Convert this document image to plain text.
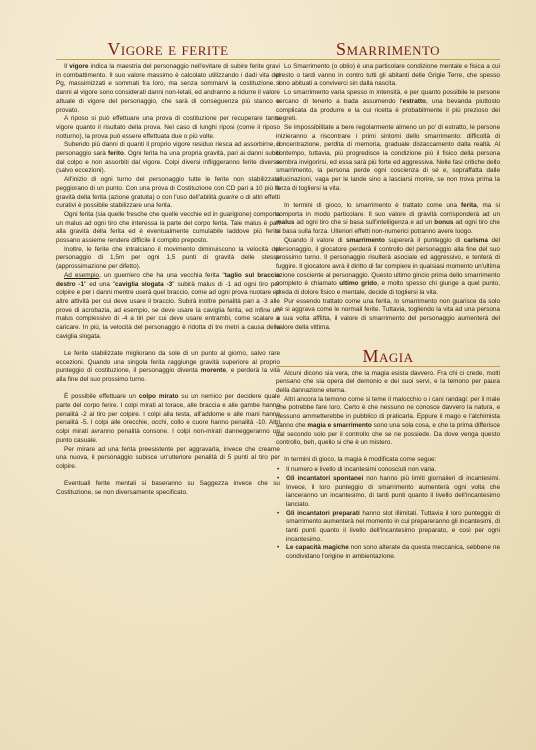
Vigore e ferite

Il vigore indica la maestria del personaggio nell'evitare di subire ferite gravi in combattimento. Il suo valore massimo è calcolato utilizzando i dadi vita del Pg, massimizzati e sommati fra loro, ma senza sommarvi la costituzione. I danni al vigore sono considerati danni non-letali, ed andranno a ridurre il valore attuale di vigore del personaggio, che sarà di conseguenza più stanco e provato.

A riposo si può effettuare una prova di costituzione per recuperare tanto vigore quanto il risultato della prova. Nel caso di lunghi riposi (come il riposo notturno), la prova può essere effettuata due o più volte.

Subendo più danni di quanti il proprio vigore residuo riesca ad assorbirne, il personaggio sarà ferito. Ogni ferita ha una propria gravità, pari ai danni subiti dal colpo e non assorbiti dal vigore. Colpi diversi infliggeranno ferite diverse (salvo eccezioni).

All'inizio di ogni turno del personaggio tutte le ferite non stabilizzate peggiorano di un punto. Con una prova di Costituzione con CD pari a 10 più la gravità della ferita (azione gratuita) o con l'uso dell'abilità guarire o di altri effetti curativi è possibile stabilizzare una ferita.

Ogni ferita (sia quelle fresche che quelle vecchie ed in guarigione) comporta un malus ad ogni tiro che interessa la parte del corpo ferita. Tale malus è pari alla gravità della ferita ed è eventualmente cumulabile laddove più ferite possano assieme rendere difficile il compito preposto.

Inoltre, le ferite che intralciano il movimento diminuiscono la velocità del personaggio di 1,5m per ogni 1,5 punti di gravità delle stesse (approssimazione per difetto).

Ad esempio, un guerriero che ha una vecchia ferita "taglio sul braccio destro -1" ed una "caviglia slogata -3" subirà malus di -1 ad ogni tiro per colpire e per i danni mentre userà quel braccio, come ad ogni prova nuotare ed altre attività per cui deve usare il braccio. Subirà inoltre penalità pari a -3 alle prove di acrobazia, ad esempio, se deve usare la caviglia ferita, ed infine un malus complessivo di -4 a tiri per cui deve usare entrambi, come scalare o caricare. In più, la velocità del personaggio è ridotta di tre metri a causa della caviglia slogata.

Le ferite stabilizzate migliorano da sole di un punto al giorno, salvo rare eccezioni. Quando una singola ferita raggiunge gravità superiore al proprio punteggio di costituzione, il personaggio diventa morente, e perderà la vita alla fine del suo prossimo turno.

È possibile effettuare un colpo mirato su un nemico per decidere quale parte del corpo ferire. I colpi mirati al torace, alle braccia e alle gambe hanno penalità -2 al tiro per colpire. I colpi alla testa, all'addome e alle mani hanno penalità -5. I colpi alle orecchie, occhi, collo e cuore hanno penalità -10. Altri colpi mirati avranno penalità consone. I colpi non-mirati danneggeranno un punto casuale.

Per mirare ad una ferita preesistente per aggravarla, invece che crearne una nuova, il personaggio subisce un'ulteriore penalità di 5 punti al tiro per colpire.

Eventuali ferite mentali si baseranno su Saggezza invece che su Costituzione, se non diversamente specificato.

Smarrimento

Lo Smarrimento (o oblio) è una particolare condizione mentale e fisica a cui presto o tardi vanno in contro tutti gli abitanti delle Grigie Terre, che spesso sono abituati a conviverci sin dalla nascita.

Lo smarrimento varia spesso in intensità, e per quanto possibile le persone cercano di tenerlo a bada assumendo l'estratto, una bevanda piuttosto complicata da produrre e la cui ricetta è probabilmente il più prezioso dei segreti.

Se impossibilitate a bere regolarmente almeno un po' di estratto, le persone inizieranno a riscontrare i primi sintomi dello smarrimento: difficoltà di concentrazione, perdita di memoria, graduale distaccamento dalla realtà. Al contempo, tuttavia, più progredisce la condizione più il fisico della persona sembra invigorirsi, ed essa sarà più forte ed aggressiva. Nelle fasi critiche dello smarrimento, la persona perde ogni coscienza di sé e, sopraffatta dalle allucinazioni, vaga per le lande sino a lasciarsi morire, se non trova prima la forza di togliersi la vita.

In termini di gioco, lo smarrimento è trattato come una ferita, ma si comporta in modo particolare. Il suo valore di gravità corrisponderà ad un malus ad ogni tiro che si basa sull'intelligenza e ad un bonus ad ogni tiro che si basa sulla forza. Ulteriori effetti non-numerici potranno avere luogo.

Quando il valore di smarrimento supererà il punteggio di carisma del personaggio, il giocatore perderà il controllo del personaggio alla fine del suo prossimo turno. Il personaggio risulterà asociale ed aggressivo, e tenterà di fuggire. Il giocatore avrà il diritto di far compiere in qualsiasi momento un'ultima azione cosciente al personaggio. Questo ultimo gincio prima dello smarrimento completo è chiamato ultimo grido, e molto spesso chi giunge a quel punto, preda di dolore fisico e mentale, decide di togliersi la vita.

Pur essendo trattato come una ferita, lo smarrimento non guarisce da solo né si aggrava come le normali ferite. Tuttavia, togliendo la vita ad una persona a sua volta afflitta, il valore di smarrimento del personaggio aumenterà del valore della vittima.

Magia

Alcuni dicono sia vera, che la magia esista davvero. Fra chi ci crede, molti pensano che sia opera del demonio e dei suoi servi, e la temono per paura della dannazione eterna.

Altri ancora la temono come si teme il malocchio o i cani randagi: per il male che potrebbe fare loro. Certo è che nessuno ne conosce davvero la natura, e nessuno ammetterebbe in pubblico di praticarla. Eppure il mago e l'alchimista sanno che magia e smarrimento sono una sola cosa, e che la prima differisce dal secondo solo per il controllo che se ne possiede. Da dove venga questo controllo, beh, quello si che è un mistero.

In termini di gioco, la magia è modificata come segue:

• Il numero e livello di incantesimi conosciuti non varia.
• Gli incantatori spontanei non hanno più limiti giornalieri di incantesimi. Invece, il loro punteggio di smarrimento aumenterà ogni volta che lanceranno un incantesimo, di tanti punti quanto il livello dell'incantesimo lanciato.
• Gli incantatori preparati hanno slot illimitati. Tuttavia il loro punteggio di smarrimento aumenterà nel momento in cui prepareranno gli incantesimi, di tanti punti quanto il livello dell'incantesimo preparato, e così per ogni incantesimo.
• Le capacità magiche non sono alterate da questa meccanica, sebbene ne condividano l'origine in ambientazione.
